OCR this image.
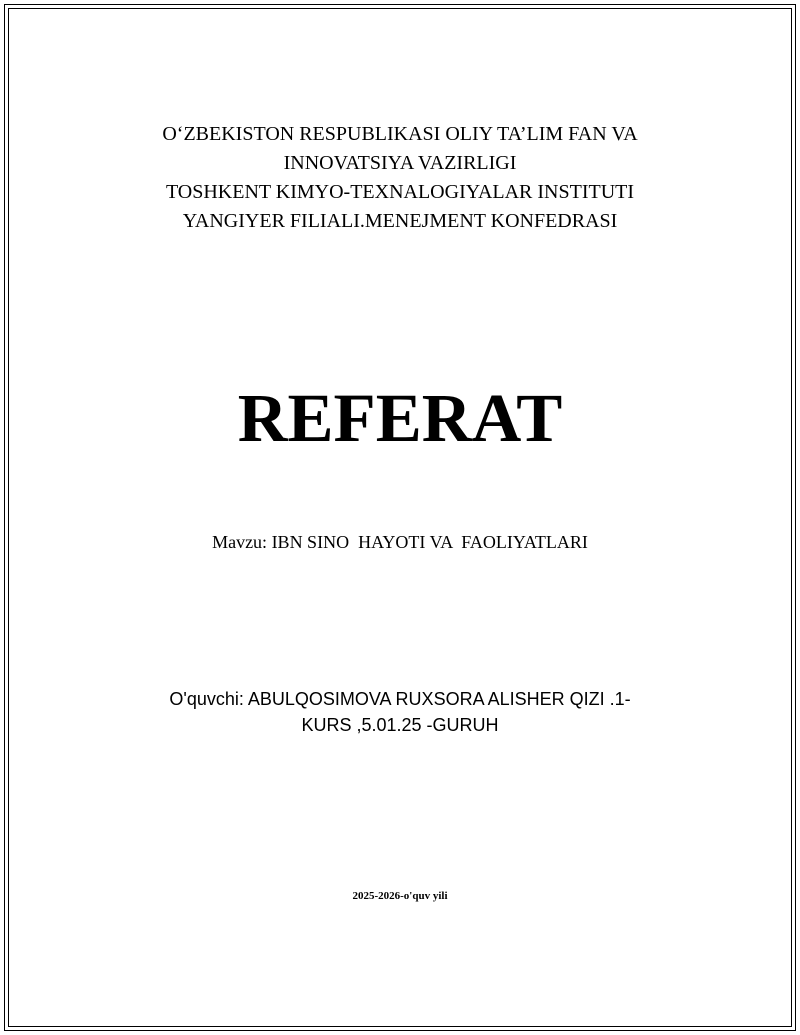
O‘ZBEKISTON RESPUBLIKASI OLIY TA’LIM FAN VA
INNOVATSIYA VAZIRLIGI
TOSHKENT KIMYO-TEXNALOGIYALAR INSTITUTI
YANGIYER FILIALI.MENEJMENT KONFEDRASI
REFERAT
Mavzu: IBN SINO  HAYOTI VA  FAOLIYATLARI
O'quvchi: ABULQOSIMOVA RUXSORA ALISHER QIZI .1-
KURS ,5.01.25 -GURUH
2025-2026-o'quv yili
